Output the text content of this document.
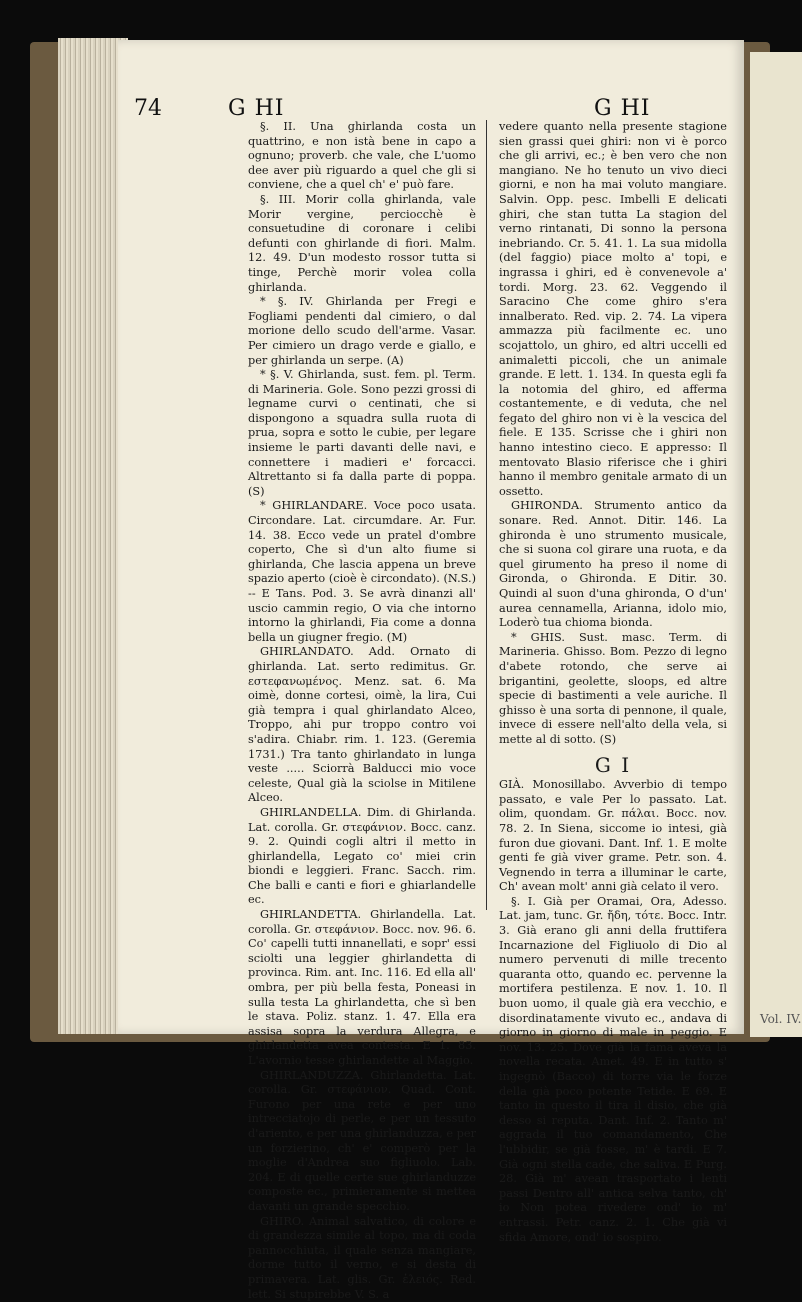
74	G HI	G HI

§. II. Una ghirlanda costa un quattrino, e non istà bene in capo a ognuno; proverb. che vale, che L'uomo dee aver più riguardo a quel che gli si conviene, che a quel ch' e' può fare.

§. III. Morir colla ghirlanda, vale Morir vergine, perciocchè è consuetudine di coronare i celibi defunti con ghirlande di fiori. Malm. 12. 49. D'un modesto rossor tutta si tinge, Perchè morir volea colla ghirlanda.

* §. IV. Ghirlanda per Fregi e Fogliami pendenti dal cimiero, o dal morione dello scudo dell'arme. Vasar. Per cimiero un drago verde e giallo, e per ghirlanda un serpe. (A)

* §. V. Ghirlanda, sust. fem. pl. Term. di Marineria. Gole. Sono pezzi grossi di legname curvi o centinati, che si dispongono a squadra sulla ruota di prua, sopra e sotto le cubie, per legare insieme le parti davanti delle navi, e connettere i madieri e' forcacci. Altrettanto si fa dalla parte di poppa. (S)

* GHIRLANDARE. Voce poco usata. Circondare. Lat. circumdare. Ar. Fur. 14. 38. Ecco vede un pratel d'ombre coperto, Che sì d'un alto fiume si ghirlanda, Che lascia appena un breve spazio aperto (cioè è circondato). (N.S.) -- E Tans. Pod. 3. Se avrà dinanzi all' uscio cammin regio, O via che intorno intorno la ghirlandi, Fia come a donna bella un giugner fregio. (M)

GHIRLANDATO. Add. Ornato di ghirlanda. Lat. serto redimitus. Gr. εστεφανωμένος. Menz. sat. 6. Ma oimè, donne cortesi, oimè, la lira, Cui già tempra i qual ghirlandato Alceo, Troppo, ahi pur troppo contro voi s'adira. Chiabr. rim. 1. 123. (Geremia 1731.) Tra tanto ghirlandato in lunga veste ..... Sciorrà Balducci mio voce celeste, Qual già la sciolse in Mitilene Alceo.

GHIRLANDELLA. Dim. di Ghirlanda. Lat. corolla. Gr. στεφάνιον. Bocc. canz. 9. 2. Quindi cogli altri il metto in ghirlandella, Legato co' miei crin biondi e leggieri. Franc. Sacch. rim. Che balli e canti e fiori e ghiarlandelle ec.

GHIRLANDETTA. Ghirlandella. Lat. corolla. Gr. στεφάνιον. Bocc. nov. 96. 6. Co' capelli tutti innanellati, e sopr' essi sciolti una leggier ghirlandetta di provinca. Rim. ant. Inc. 116. Ed ella all' ombra, per più bella festa, Poneasi in sulla testa La ghirlandetta, che sì ben le stava. Poliz. stanz. 1. 47. Ella era assisa sopra la verdura Allegra, e ghirlandetta avea contesta. E 1. 83. L'avornio tesse ghirlandette al Maggio.

GHIRLANDUZZA. Ghirlandetta. Lat. corolla. Gr. στεφάνιον. Quad. Cont. Furono per una rete e per uno intrecciatojo di perle, e per un tessuto d'ariento, e per una ghirlanduzza, e per un forzierino, ch' e' comperò per la moglie d'Andrea suo figliuolo. Lab. 204. E di quelle certe sue ghirlanduzze composte ec., primieramente si mettea davanti un grande specchio.

GHIRO. Animal salvatico, di colore e di grandezza simile al topo, ma di coda pannocchiuta, il quale senza mangiare, dorme tutto il verno, e si desta di primavera. Lat. glis. Gr. ἐλειός. Red. lett. Si stupirebbe V. S. a

vedere quanto nella presente stagione sien grassi quei ghiri: non vi è porco che gli arrivi, ec.; è ben vero che non mangiano. Ne ho tenuto un vivo dieci giorni, e non ha mai voluto mangiare. Salvin. Opp. pesc. Imbelli E delicati ghiri, che stan tutta La stagion del verno rintanati, Di sonno la persona inebriando. Cr. 5. 41. 1. La sua midolla (del faggio) piace molto a' topi, e ingrassa i ghiri, ed è convenevole a' tordi. Morg. 23. 62. Veggendo il Saracino Che come ghiro s'era innalberato. Red. vip. 2. 74. La vipera ammazza più facilmente ec. uno scojattolo, un ghiro, ed altri uccelli ed animaletti piccoli, che un animale grande. E lett. 1. 134. In questa egli fa la notomia del ghiro, ed afferma costantemente, e di veduta, che nel fegato del ghiro non vi è la vescica del fiele. E 135. Scrisse che i ghiri non hanno intestino cieco. E appresso: Il mentovato Blasio riferisce che i ghiri hanno il membro genitale armato di un ossetto.

GHIRONDA. Strumento antico da sonare. Red. Annot. Ditir. 146. La ghironda è uno strumento musicale, che si suona col girare una ruota, e da quel girumento ha preso il nome di Gironda, o Ghironda. E Ditir. 30. Quindi al suon d'una ghironda, O d'un' aurea cennamella, Arianna, idolo mio, Loderò tua chioma bionda.

* GHIS. Sust. masc. Term. di Marineria. Ghisso. Bom. Pezzo di legno d'abete rotondo, che serve ai brigantini, geolette, sloops, ed altre specie di bastimenti a vele auriche. Il ghisso è una sorta di pennone, il quale, invece di essere nell'alto della vela, si mette al di sotto. (S)

G I

GIÀ. Monosillabo. Avverbio di tempo passato, e vale Per lo passato. Lat. olim, quondam. Gr. πάλαι. Bocc. nov. 78. 2. In Siena, siccome io intesi, già furon due giovani. Dant. Inf. 1. E molte genti fe già viver grame. Petr. son. 4. Vegnendo in terra a illuminar le carte, Ch' avean molt' anni già celato il vero.

§. I. Già per Oramai, Ora, Adesso. Lat. jam, tunc. Gr. ἤδη, τότε. Bocc. Intr. 3. Già erano gli anni della fruttifera Incarnazione del Figliuolo di Dio al numero pervenuti di mille trecento quaranta otto, quando ec. pervenne la mortifera pestilenza. E nov. 1. 10. Il buon uomo, il quale già era vecchio, e disordinatamente vivuto ec., andava di giorno in giorno di male in peggio. E nov. 13. 25. Dove già la fama aveva la novella recata. Amet. 49. E in tutto s' ingegnò (Bacco) di torre via le forze della già poco potente Tetide. E 69. E tanto in questo il tira il disio, che già desso si reputa. Dant. Inf. 2. Tanto m' aggrada il tuo comandamento, Che l'ubbidir, se già fosse, m' è tardi. E 7. Già ogni stella cade, che saliva. E Purg. 28. Già m' avean trasportato i lenti passi Dentro all' antica selva tanto, ch' io Non potea rivedere ond' io m' entrassi. Petr. canz. 2. 1. Che già vi sfida Amore, ond' io sospiro.

Vol. IV.
